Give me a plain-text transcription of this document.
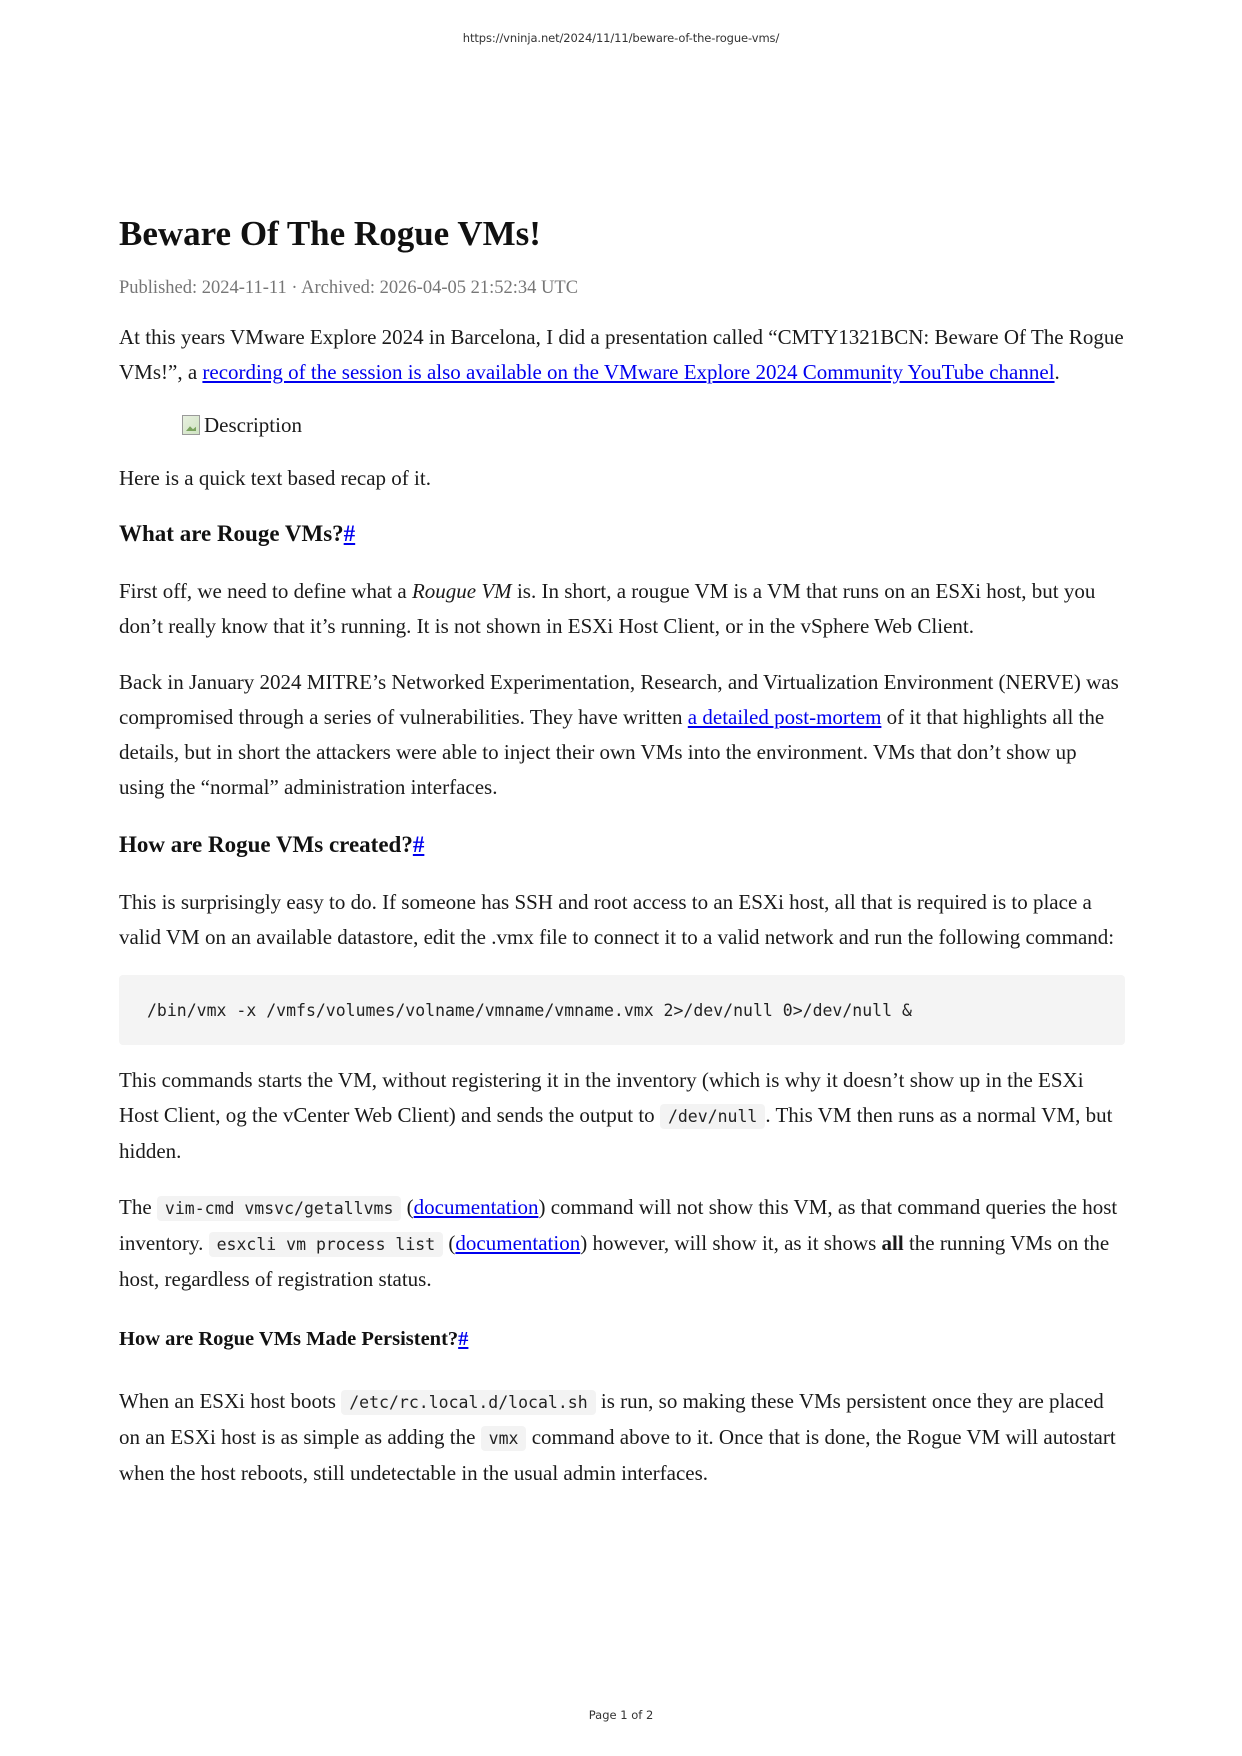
https://vninja.net/2024/11/11/beware-of-the-rogue-vms/
Beware Of The Rogue VMs!
Published: 2024-11-11 · Archived: 2026-04-05 21:52:34 UTC

At this years VMware Explore 2024 in Barcelona, I did a presentation called “CMTY1321BCN: Beware Of The Rogue VMs!”, a recording of the session is also available on the VMware Explore 2024 Community YouTube channel.

Description

Here is a quick text based recap of it.

What are Rouge VMs?#

First off, we need to define what a Rougue VM is. In short, a rougue VM is a VM that runs on an ESXi host, but you don’t really know that it’s running. It is not shown in ESXi Host Client, or in the vSphere Web Client.

Back in January 2024 MITRE’s Networked Experimentation, Research, and Virtualization Environment (NERVE) was compromised through a series of vulnerabilities. They have written a detailed post-mortem of it that highlights all the details, but in short the attackers were able to inject their own VMs into the environment. VMs that don’t show up using the “normal” administration interfaces.

How are Rogue VMs created?#

This is surprisingly easy to do. If someone has SSH and root access to an ESXi host, all that is required is to place a valid VM on an available datastore, edit the .vmx file to connect it to a valid network and run the following command:

/bin/vmx -x /vmfs/volumes/volname/vmname/vmname.vmx 2>/dev/null 0>/dev/null &

This commands starts the VM, without registering it in the inventory (which is why it doesn’t show up in the ESXi Host Client, og the vCenter Web Client) and sends the output to /dev/null . This VM then runs as a normal VM, but hidden.

The vim-cmd vmsvc/getallvms (documentation) command will not show this VM, as that command queries the host inventory. esxcli vm process list (documentation) however, will show it, as it shows all the running VMs on the host, regardless of registration status.

How are Rogue VMs Made Persistent?#

When an ESXi host boots /etc/rc.local.d/local.sh is run, so making these VMs persistent once they are placed on an ESXi host is as simple as adding the vmx command above to it. Once that is done, the Rogue VM will autostart when the host reboots, still undetectable in the usual admin interfaces.

Page 1 of 2
